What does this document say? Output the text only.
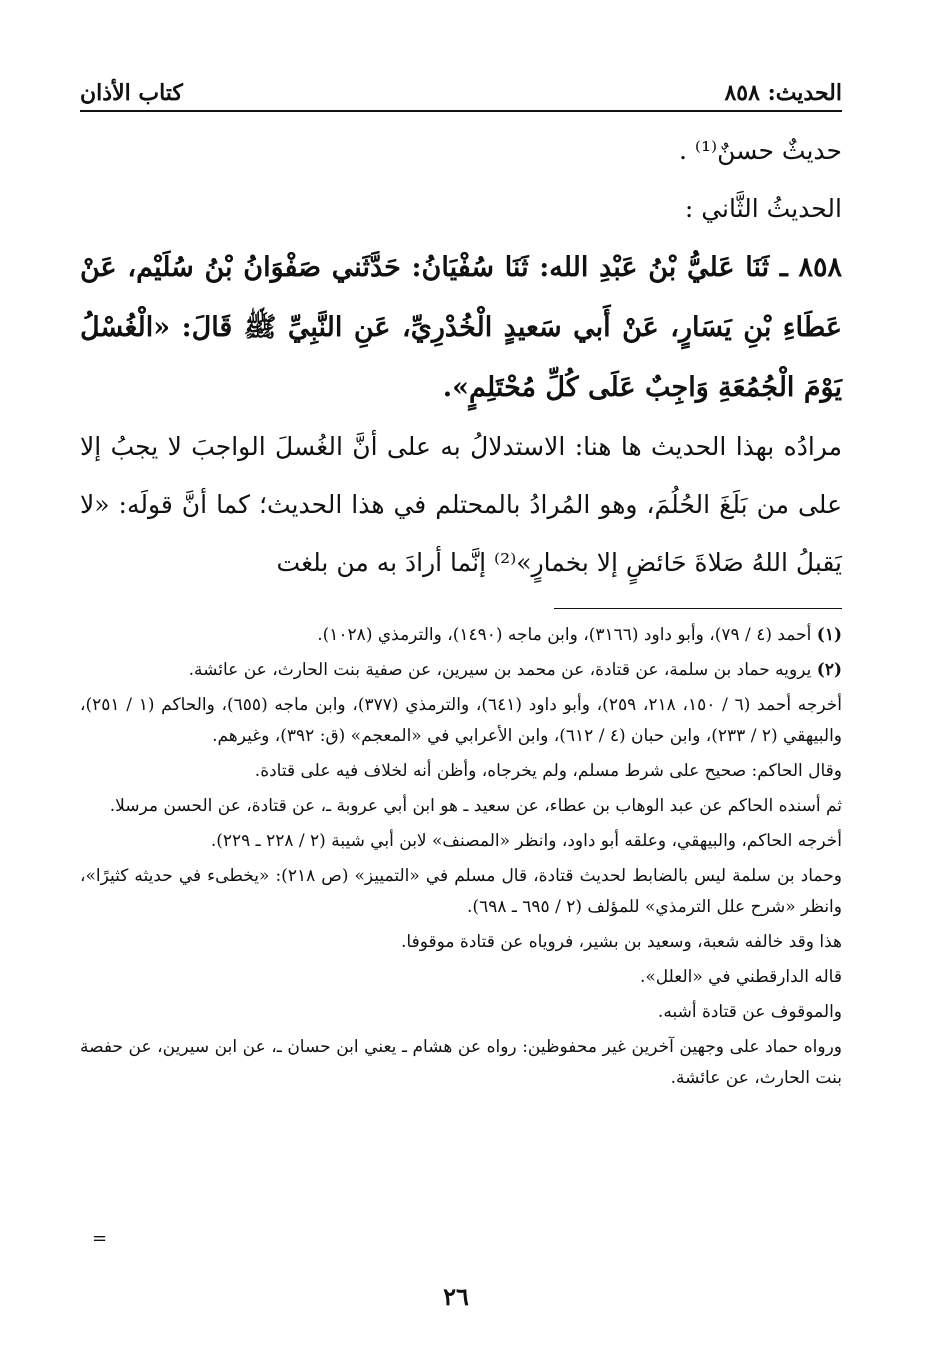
الحديث: ٨٥٨
كتاب الأذان

حديثٌ حسنٌ⁽¹⁾ .

الحديثُ الثَّاني :

٨٥٨ ـ ثَنَا عَليُّ بْنُ عَبْدِ الله: ثَنَا سُفْيَانُ: حَدَّثَني صَفْوَانُ بْنُ سُلَيْم، عَنْ عَطَاءِ بْنِ يَسَارٍ، عَنْ أَبي سَعيدٍ الْخُدْرِيِّ، عَنِ النَّبِيِّ ﷺ قَالَ: «الْغُسْلُ يَوْمَ الْجُمُعَةِ وَاجِبٌ عَلَى كُلِّ مُحْتَلِمٍ».

مرادُه بهذا الحديث ها هنا: الاستدلالُ به على أنَّ الغُسلَ الواجبَ لا يجبُ إلا على من بَلَغَ الحُلُمَ، وهو المُرادُ بالمحتلم في هذا الحديث؛ كما أنَّ قولَه: «لا يَقبلُ اللهُ صَلاةَ حَائضٍ إلا بخمارٍ»⁽²⁾ إنَّما أرادَ به من بلغت

(١) أحمد (٤ / ٧٩)، وأبو داود (٣١٦٦)، وابن ماجه (١٤٩٠)، والترمذي (١٠٢٨).

(٢) يرويه حماد بن سلمة، عن قتادة، عن محمد بن سيرين، عن صفية بنت الحارث، عن عائشة.

أخرجه أحمد (٦ / ١٥٠، ٢١٨، ٢٥٩)، وأبو داود (٦٤١)، والترمذي (٣٧٧)، وابن ماجه (٦٥٥)، والحاكم (١ / ٢٥١)، والبيهقي (٢ / ٢٣٣)، وابن حبان (٤ / ٦١٢)، وابن الأعرابي في «المعجم» (ق: ٣٩٢)، وغيرهم.

وقال الحاكم: صحيح على شرط مسلم، ولم يخرجاه، وأظن أنه لخلاف فيه على قتادة.

ثم أسنده الحاكم عن عبد الوهاب بن عطاء، عن سعيد ـ هو ابن أبي عروبة ـ، عن قتادة، عن الحسن مرسلا.

أخرجه الحاكم، والبيهقي، وعلقه أبو داود، وانظر «المصنف» لابن أبي شيبة (٢ / ٢٢٨ ـ ٢٢٩).

وحماد بن سلمة ليس بالضابط لحديث قتادة، قال مسلم في «التمييز» (ص ٢١٨): «يخطىء في حديثه كثيرًا»، وانظر «شرح علل الترمذي» للمؤلف (٢ / ٦٩٥ ـ ٦٩٨).

هذا وقد خالفه شعبة، وسعيد بن بشير، فروياه عن قتادة موقوفا.

قاله الدارقطني في «العلل».

والموقوف عن قتادة أشبه.

ورواه حماد على وجهين آخرين غير محفوظين: رواه عن هشام ـ يعني ابن حسان ـ، عن ابن سيرين، عن حفصة بنت الحارث، عن عائشة.

=
٢٦
